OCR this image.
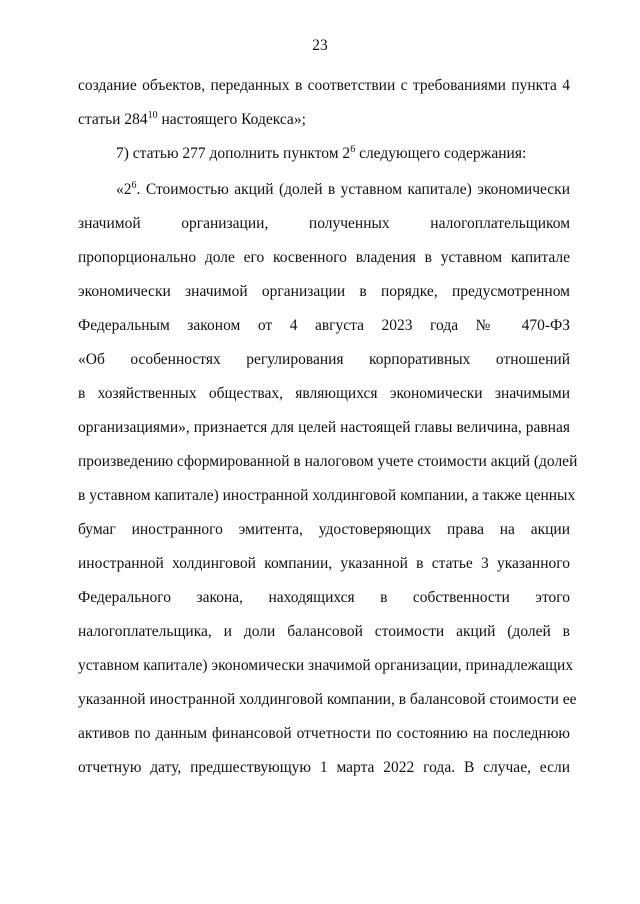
23
создание объектов, переданных в соответствии с требованиями пункта 4
статьи $284^{10}$ настоящего Кодекса»;
7) статью 277 дополнить пунктом $2^6$ следующего содержания:
«$2^6$. Стоимостью акций (долей в уставном капитале) экономически
значимой организации, полученных налогоплательщиком
пропорционально доле его косвенного владения в уставном капитале
экономически значимой организации в порядке, предусмотренном
Федеральным законом от 4 августа 2023 года № 470-ФЗ
«Об особенностях регулирования корпоративных отношений
в хозяйственных обществах, являющихся экономически значимыми
организациями», признается для целей настоящей главы величина, равная
произведению сформированной в налоговом учете стоимости акций (долей
в уставном капитале) иностранной холдинговой компании, а также ценных
бумаг иностранного эмитента, удостоверяющих права на акции
иностранной холдинговой компании, указанной в статье 3 указанного
Федерального закона, находящихся в собственности этого
налогоплательщика, и доли балансовой стоимости акций (долей в
уставном капитале) экономически значимой организации, принадлежащих
указанной иностранной холдинговой компании, в балансовой стоимости ее
активов по данным финансовой отчетности по состоянию на последнюю
отчетную дату, предшествующую 1 марта 2022 года. В случае, если
